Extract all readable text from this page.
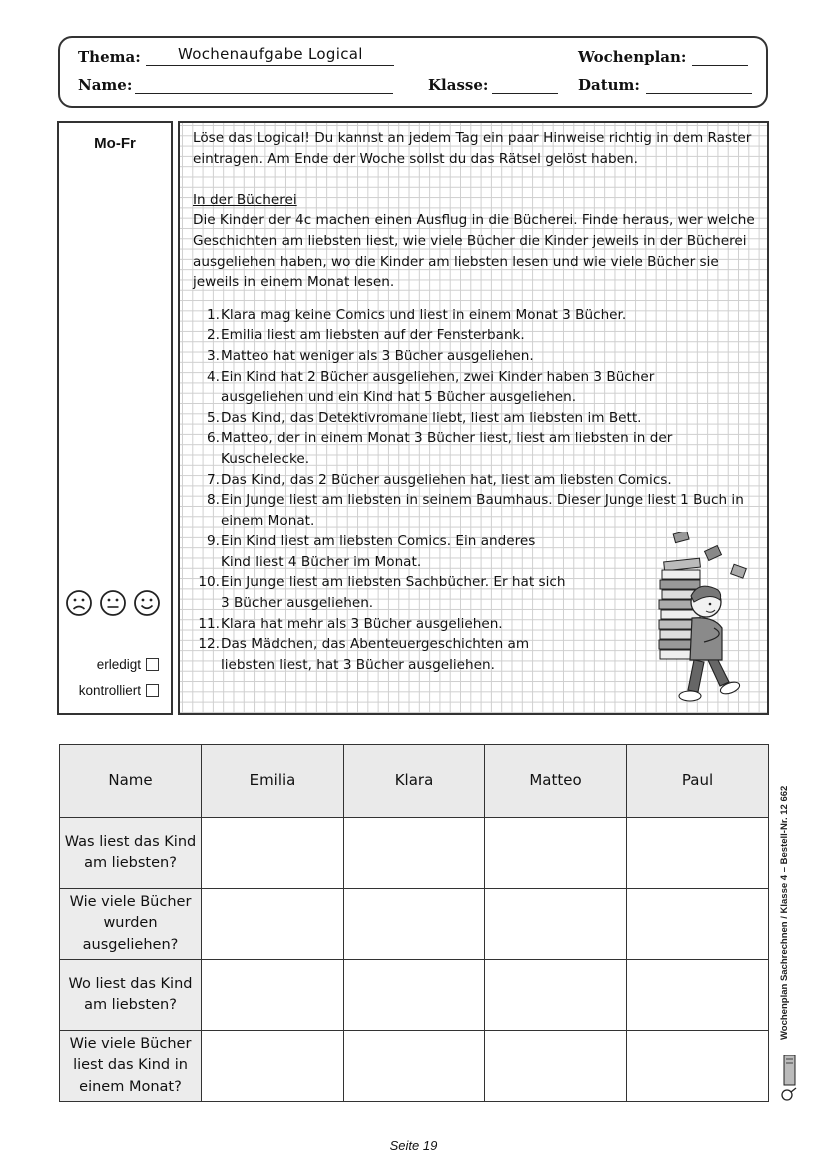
Thema: Wochenaufgabe Logical	Wochenplan:
Name:	Klasse:	Datum:
Mo-Fr
erledigt
kontrolliert

Löse das Logical! Du kannst an jedem Tag ein paar Hinweise richtig in dem Raster eintragen. Am Ende der Woche sollst du das Rätsel gelöst haben.

In der Bücherei

Die Kinder der 4c machen einen Ausflug in die Bücherei. Finde heraus, wer welche Geschichten am liebsten liest, wie viele Bücher die Kinder jeweils in der Bücherei ausgeliehen haben, wo die Kinder am liebsten lesen und wie viele Bücher sie jeweils in einem Monat lesen.

1. Klara mag keine Comics und liest in einem Monat 3 Bücher.

2. Emilia liest am liebsten auf der Fensterbank.

3. Matteo hat weniger als 3 Bücher ausgeliehen.

4. Ein Kind hat 2 Bücher ausgeliehen, zwei Kinder haben 3 Bücher ausgeliehen und ein Kind hat 5 Bücher ausgeliehen.

5. Das Kind, das Detektivromane liebt, liest am liebsten im Bett.

6. Matteo, der in einem Monat 3 Bücher liest, liest am liebsten in der Kuschelecke.

7. Das Kind, das 2 Bücher ausgeliehen hat, liest am liebsten Comics.

8. Ein Junge liest am liebsten in seinem Baumhaus. Dieser Junge liest 1 Buch in einem Monat.

9. Ein Kind liest am liebsten Comics. Ein anderes Kind liest 4 Bücher im Monat.

10. Ein Junge liest am liebsten Sachbücher. Er hat sich 3 Bücher ausgeliehen.

11. Klara hat mehr als 3 Bücher ausgeliehen.

12. Das Mädchen, das Abenteuergeschichten am liebsten liest, hat 3 Bücher ausgeliehen.

Name	Emilia	Klara	Matteo	Paul
Was liest das Kind am liebsten?				
Wie viele Bücher wurden ausgeliehen?				
Wo liest das Kind am liebsten?				
Wie viele Bücher liest das Kind in einem Monat?				
Wochenplan Sachrechnen / Klasse 4 – Bestell-Nr. 12 662
Seite 19
